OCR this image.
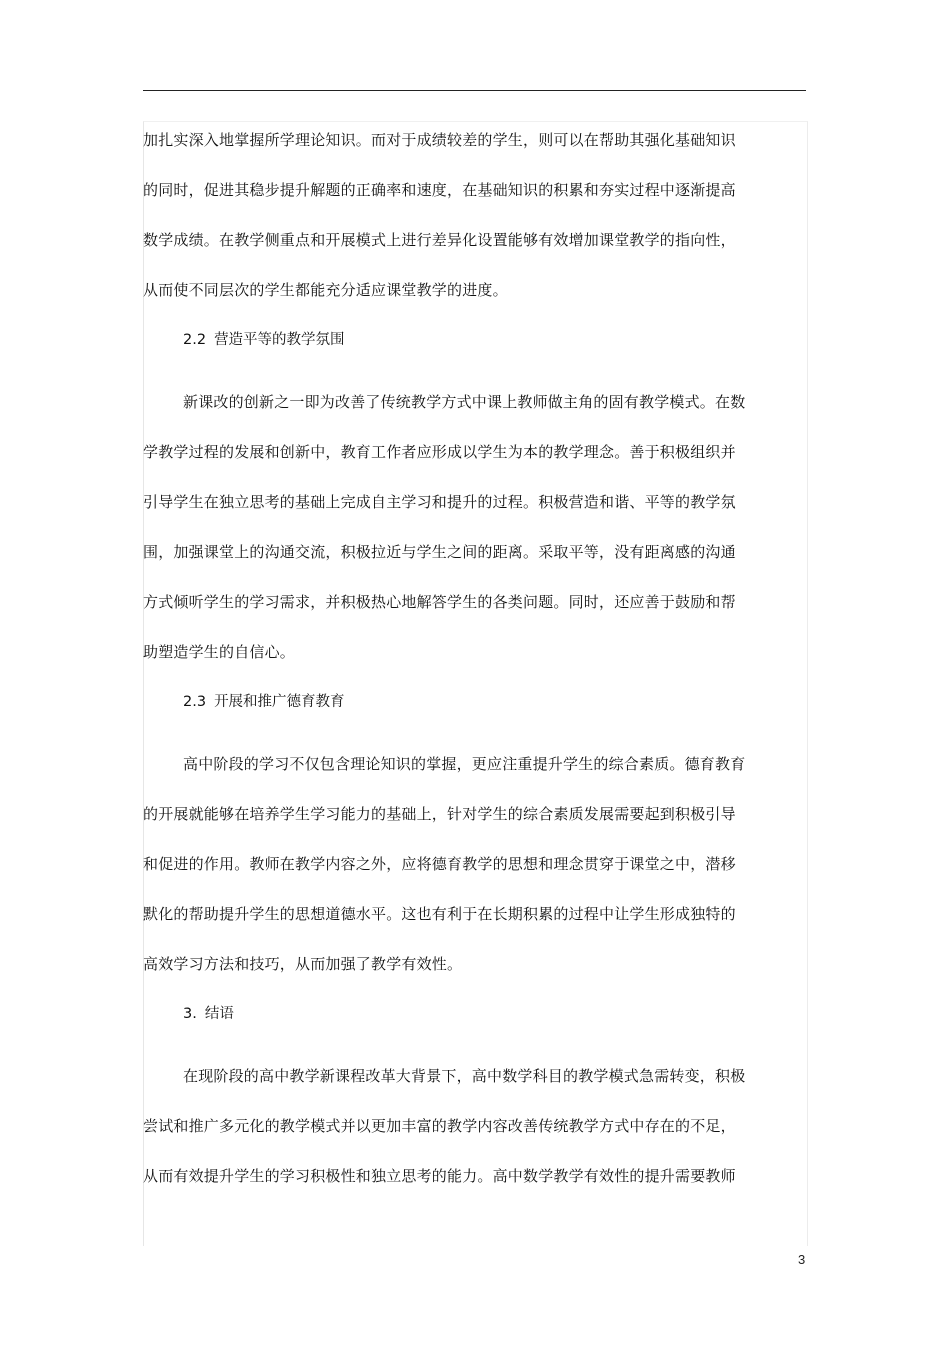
加扎实深入地掌握所学理论知识。而对于成绩较差的学生，则可以在帮助其强化基础知识
的同时，促进其稳步提升解题的正确率和速度，在基础知识的积累和夯实过程中逐渐提高
数学成绩。在教学侧重点和开展模式上进行差异化设置能够有效增加课堂教学的指向性，
从而使不同层次的学生都能充分适应课堂教学的进度。
2.2 营造平等的教学氛围
新课改的创新之一即为改善了传统教学方式中课上教师做主角的固有教学模式。在数
学教学过程的发展和创新中，教育工作者应形成以学生为本的教学理念。善于积极组织并
引导学生在独立思考的基础上完成自主学习和提升的过程。积极营造和谐、平等的教学氛
围，加强课堂上的沟通交流，积极拉近与学生之间的距离。采取平等，没有距离感的沟通
方式倾听学生的学习需求，并积极热心地解答学生的各类问题。同时，还应善于鼓励和帮
助塑造学生的自信心。
2.3 开展和推广德育教育
高中阶段的学习不仅包含理论知识的掌握，更应注重提升学生的综合素质。德育教育
的开展就能够在培养学生学习能力的基础上，针对学生的综合素质发展需要起到积极引导
和促进的作用。教师在教学内容之外，应将德育教学的思想和理念贯穿于课堂之中，潜移
默化的帮助提升学生的思想道德水平。这也有利于在长期积累的过程中让学生形成独特的
高效学习方法和技巧，从而加强了教学有效性。
3. 结语
在现阶段的高中教学新课程改革大背景下，高中数学科目的教学模式急需转变，积极
尝试和推广多元化的教学模式并以更加丰富的教学内容改善传统教学方式中存在的不足，
从而有效提升学生的学习积极性和独立思考的能力。高中数学教学有效性的提升需要教师
3
